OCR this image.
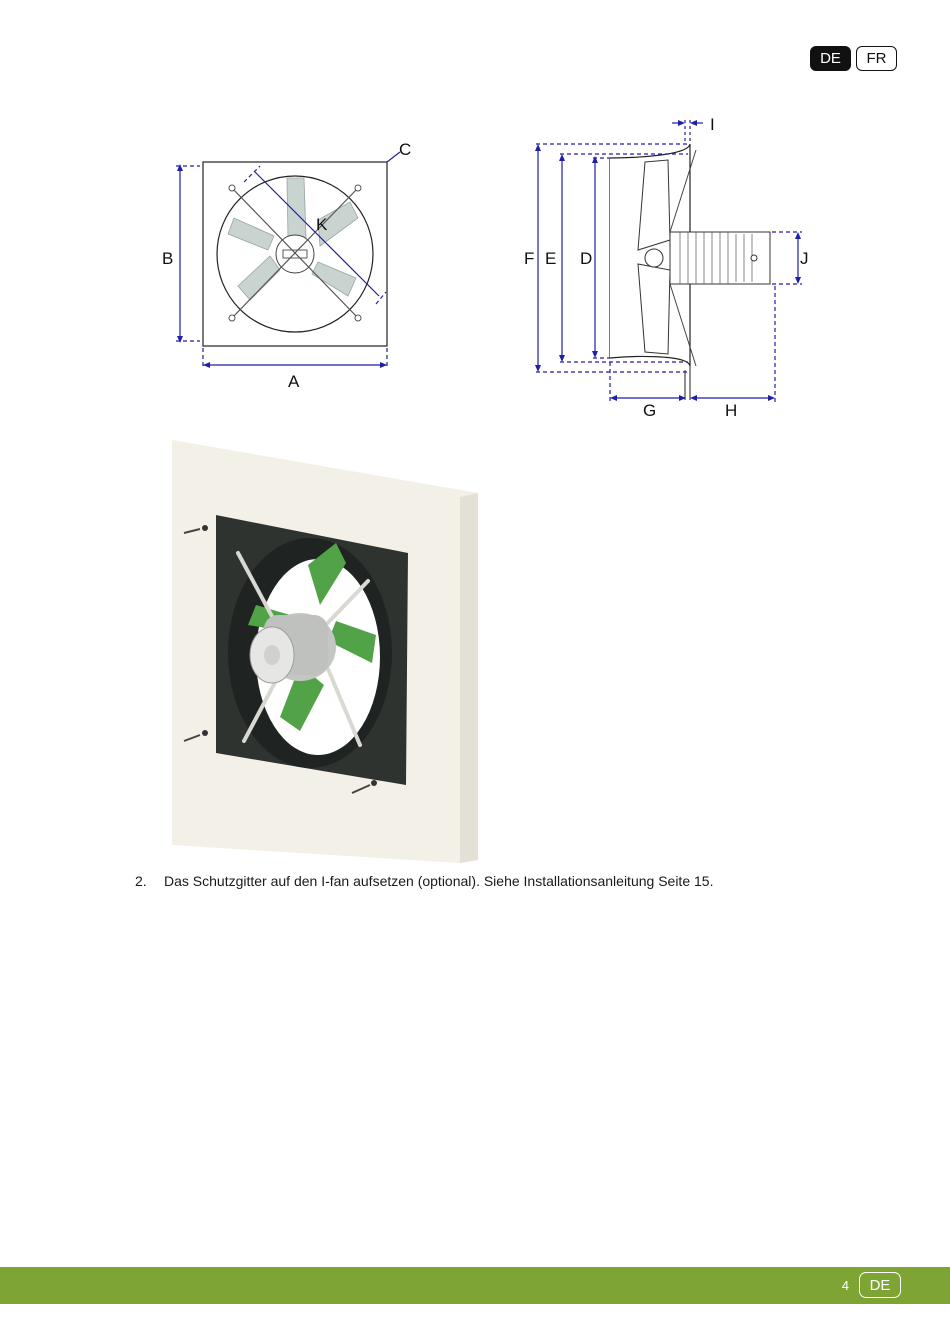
DE	FR
B
A
C
K
F E D
G	H
I
J
2.	Das Schutzgitter auf den I-fan aufsetzen (optional). Siehe Installationsanleitung Seite 15.
4	DE
